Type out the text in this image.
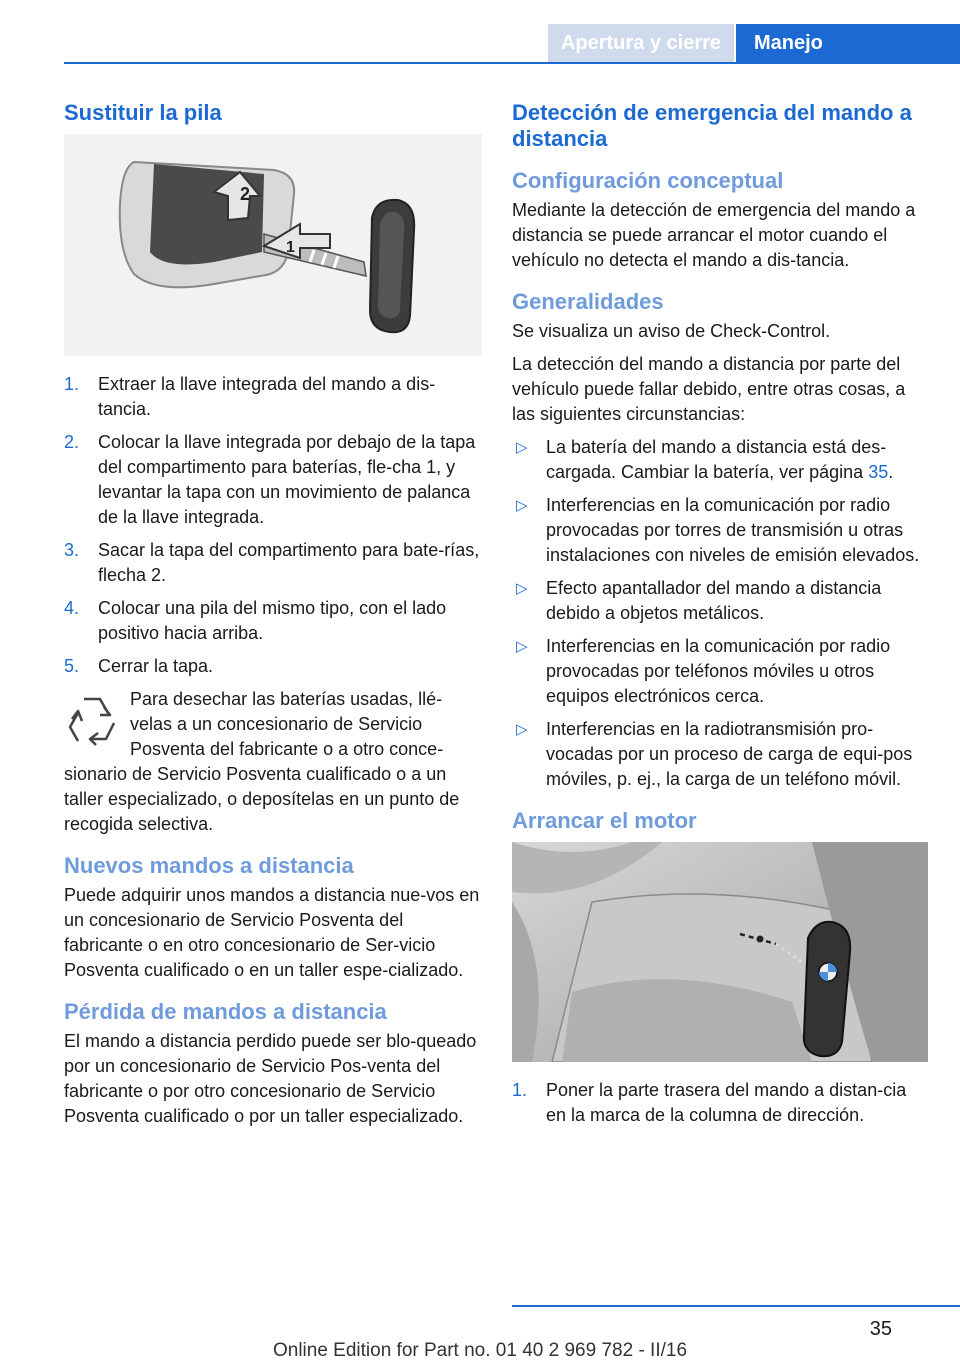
Apertura y cierre	Manejo
Sustituir la pila
2
1
1.	Extraer la llave integrada del mando a dis‐tancia.
2.	Colocar la llave integrada por debajo de la tapa del compartimento para baterías, fle‐cha 1, y levantar la tapa con un movimiento de palanca de la llave integrada.
3.	Sacar la tapa del compartimento para bate‐rías, flecha 2.
4.	Colocar una pila del mismo tipo, con el lado positivo hacia arriba.
5.	Cerrar la tapa.
Para desechar las baterías usadas, llé‐velas a un concesionario de Servicio Posventa del fabricante o a otro conce‐sionario de Servicio Posventa cualificado o a un taller especializado, o deposítelas en un punto de recogida selectiva.
Nuevos mandos a distancia

Puede adquirir unos mandos a distancia nue‐vos en un concesionario de Servicio Posventa del fabricante o en otro concesionario de Ser‐vicio Posventa cualificado o en un taller espe‐cializado.

Pérdida de mandos a distancia

El mando a distancia perdido puede ser blo‐queado por un concesionario de Servicio Pos‐venta del fabricante o por otro concesionario de Servicio Posventa cualificado o por un taller especializado.

Detección de emergencia del mando a distancia
Configuración conceptual

Mediante la detección de emergencia del mando a distancia se puede arrancar el motor cuando el vehículo no detecta el mando a dis‐tancia.

Generalidades

Se visualiza un aviso de Check-Control.

La detección del mando a distancia por parte del vehículo puede fallar debido, entre otras cosas, a las siguientes circunstancias:

▷	La batería del mando a distancia está des‐cargada. Cambiar la batería, ver página 35.
▷	Interferencias en la comunicación por radio provocadas por torres de transmisión u otras instalaciones con niveles de emisión elevados.
▷	Efecto apantallador del mando a distancia debido a objetos metálicos.
▷	Interferencias en la comunicación por radio provocadas por teléfonos móviles u otros equipos electrónicos cerca.
▷	Interferencias en la radiotransmisión pro‐vocadas por un proceso de carga de equi‐pos móviles, p. ej., la carga de un teléfono móvil.
Arrancar el motor
1.	Poner la parte trasera del mando a distan‐cia en la marca de la columna de dirección.
35
Online Edition for Part no. 01 40 2 969 782 - II/16
